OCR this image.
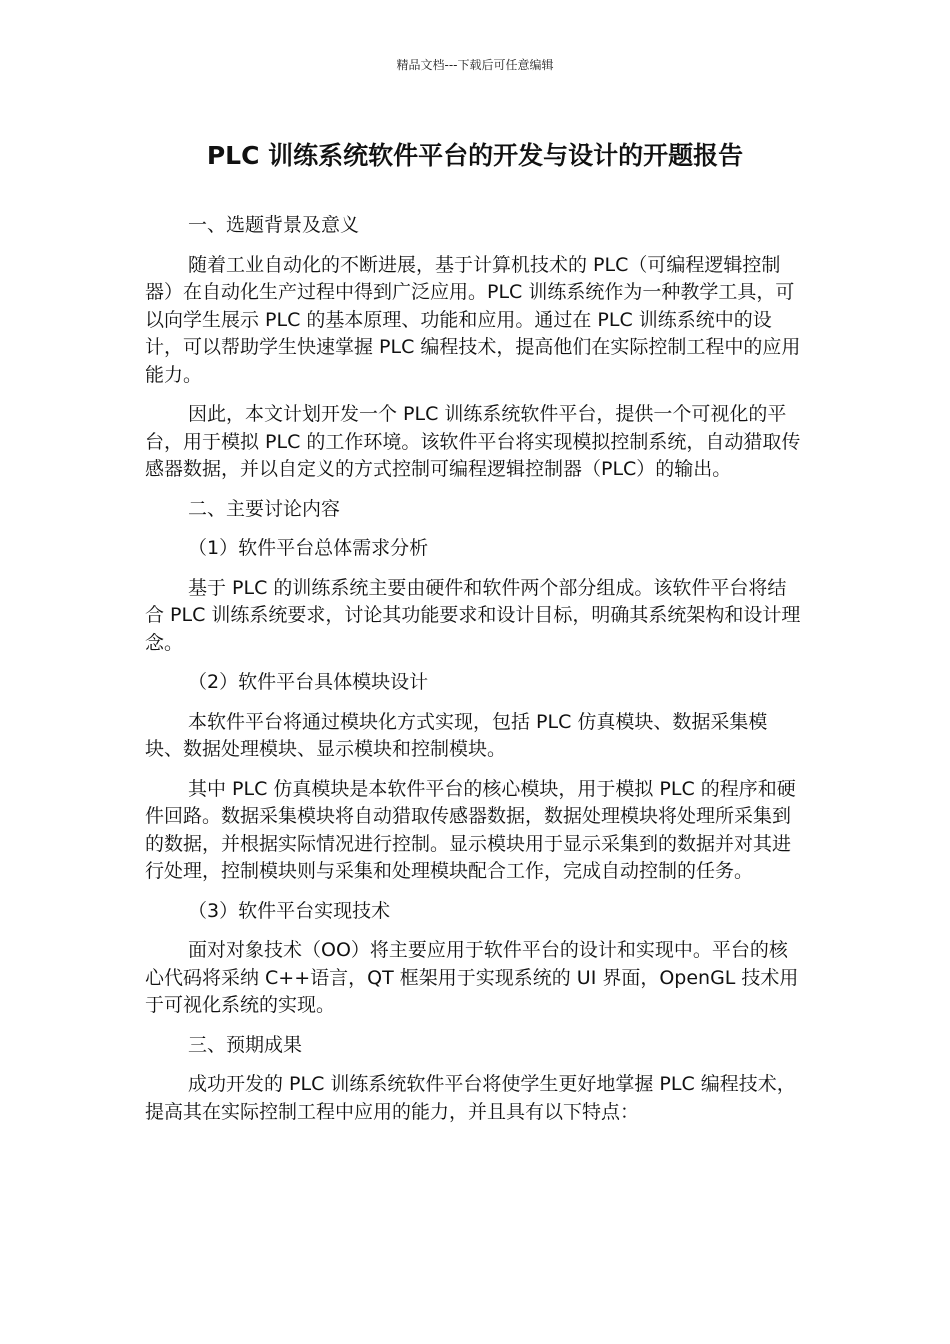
精品文档---下载后可任意编辑
PLC 训练系统软件平台的开发与设计的开题报告
一、选题背景及意义

随着工业自动化的不断进展，基于计算机技术的 PLC（可编程逻辑控制器）在自动化生产过程中得到广泛应用。PLC 训练系统作为一种教学工具，可以向学生展示 PLC 的基本原理、功能和应用。通过在 PLC 训练系统中的设计，可以帮助学生快速掌握 PLC 编程技术，提高他们在实际控制工程中的应用能力。

因此，本文计划开发一个 PLC 训练系统软件平台，提供一个可视化的平台，用于模拟 PLC 的工作环境。该软件平台将实现模拟控制系统，自动猎取传感器数据，并以自定义的方式控制可编程逻辑控制器（PLC）的输出。

二、主要讨论内容
（1）软件平台总体需求分析

基于 PLC 的训练系统主要由硬件和软件两个部分组成。该软件平台将结合 PLC 训练系统要求，讨论其功能要求和设计目标，明确其系统架构和设计理念。

（2）软件平台具体模块设计

本软件平台将通过模块化方式实现，包括 PLC 仿真模块、数据采集模块、数据处理模块、显示模块和控制模块。

其中 PLC 仿真模块是本软件平台的核心模块，用于模拟 PLC 的程序和硬件回路。数据采集模块将自动猎取传感器数据，数据处理模块将处理所采集到的数据，并根据实际情况进行控制。显示模块用于显示采集到的数据并对其进行处理，控制模块则与采集和处理模块配合工作，完成自动控制的任务。

（3）软件平台实现技术

面对对象技术（OO）将主要应用于软件平台的设计和实现中。平台的核心代码将采纳 C++语言，QT 框架用于实现系统的 UI 界面，OpenGL 技术用于可视化系统的实现。

三、预期成果

成功开发的 PLC 训练系统软件平台将使学生更好地掌握 PLC 编程技术，提高其在实际控制工程中应用的能力，并且具有以下特点：
